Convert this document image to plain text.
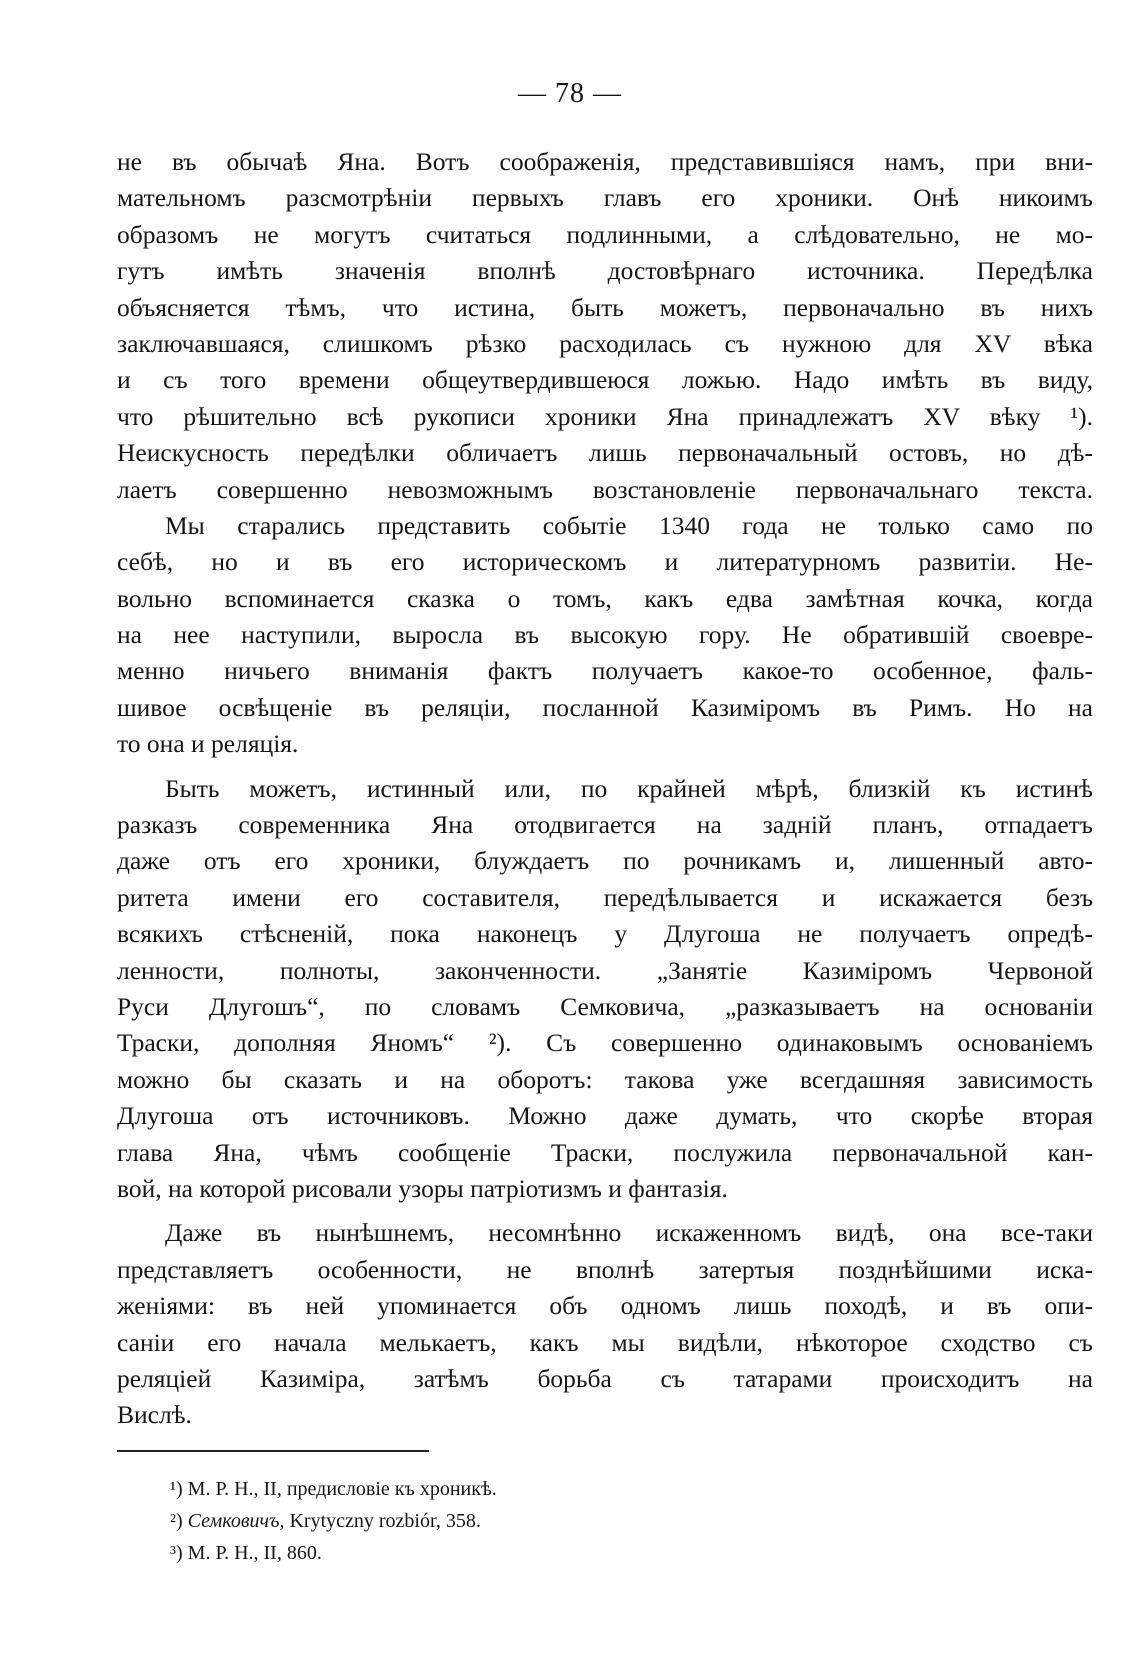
— 78 —
не въ обычаѣ Яна. Вотъ соображенія, представившіяся намъ, при вни-
мательномъ разсмотрѣніи первыхъ главъ его хроники. Онѣ никоимъ
образомъ не могутъ считаться подлинными, а слѣдовательно, не мо-
гутъ имѣть значенія вполнѣ достовѣрнаго источника. Передѣлка
объясняется тѣмъ, что истина, быть можетъ, первоначально въ нихъ
заключавшаяся, слишкомъ рѣзко расходилась съ нужною для XV вѣка
и съ того времени общеутвердившеюся ложью. Надо имѣть въ виду,
что рѣшительно всѣ рукописи хроники Яна принадлежатъ XV вѣку ¹).
Неискусность передѣлки обличаетъ лишь первоначальный остовъ, но дѣ-
лаетъ совершенно невозможнымъ возстановленіе первоначальнаго текста.
Мы старались представить событіе 1340 года не только само по
себѣ, но и въ его историческомъ и литературномъ развитіи. Не-
вольно вспоминается сказка о томъ, какъ едва замѣтная кочка, когда
на нее наступили, выросла въ высокую гору. Не обратившій своевре-
менно ничьего вниманія фактъ получаетъ какое-то особенное, фаль-
шивое освѣщеніе въ реляціи, посланной Казиміромъ въ Римъ. Но на
то она и реляція.
Быть можетъ, истинный или, по крайней мѣрѣ, близкій къ истинѣ
разказъ современника Яна отодвигается на задній планъ, отпадаетъ
даже отъ его хроники, блуждаетъ по рочникамъ и, лишенный авто-
ритета имени его составителя, передѣлывается и искажается безъ
всякихъ стѣсненій, пока наконецъ у Длугоша не получаетъ опредѣ-
ленности, полноты, законченности. „Занятіе Казиміромъ Червоной
Руси Длугошъ“, по словамъ Семковича, „разказываетъ на основаніи
Траски, дополняя Яномъ“ ²). Съ совершенно одинаковымъ основаніемъ
можно бы сказать и на оборотъ: такова уже всегдашняя зависимость
Длугоша отъ источниковъ. Можно даже думать, что скорѣе вторая
глава Яна, чѣмъ сообщеніе Траски, послужила первоначальной кан-
вой, на которой рисовали узоры патріотизмъ и фантазія.
Даже въ нынѣшнемъ, несомнѣнно искаженномъ видѣ, она все-таки
представляетъ особенности, не вполнѣ затертыя позднѣйшими иска-
женіями: въ ней упоминается объ одномъ лишь походѣ, и въ опи-
саніи его начала мелькаетъ, какъ мы видѣли, нѣкоторое сходство съ
реляціей Казиміра, затѣмъ борьба съ татарами происходитъ на
Вислѣ.
¹) М. Р. Н., II, предисловіе къ хроникѣ.
²) Семковичъ, Krytyczny rozbiór, 358.
³) М. Р. Н., II, 860.
